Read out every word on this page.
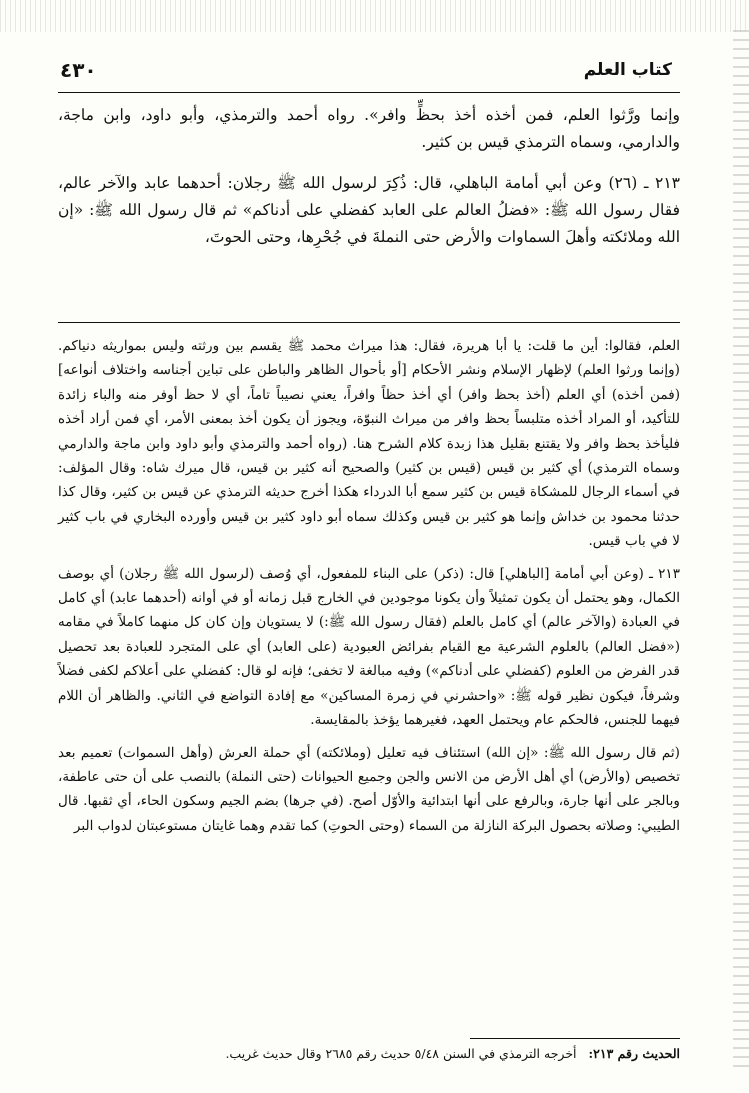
كتاب العلم
٤٣٠

وإنما ورَّثوا العلم، فمن أخذه أخذ بحظٍّ وافر». رواه أحمد والترمذي، وأبو داود، وابن ماجة، والدارمي، وسماه الترمذي قيس بن كثير.

٢١٣ ـ (٢٦) وعن أبي أمامة الباهلي، قال: ذُكِرَ لرسول الله ﷺ رجلان: أحدهما عابد والآخر عالم، فقال رسول الله ﷺ: «فضلُ العالم على العابد كفضلي على أدناكم» ثم قال رسول الله ﷺ: «إن الله وملائكته وأهلَ السماوات والأرض حتى النملةَ في جُحْرِها، وحتى الحوتَ،

العلم، فقالوا: أين ما قلت: يا أبا هريرة، فقال: هذا ميراث محمد ﷺ يقسم بين ورثته وليس بمواريثه دنياكم. (وإنما ورثوا العلم) لإظهار الإسلام ونشر الأحكام [أو بأحوال الظاهر والباطن على تباين أجناسه واختلاف أنواعه] (فمن أخذه) أي العلم (أخذ بحظ وافر) أي أخذ حظاً وافراً، يعني نصيباً تاماً، أي لا حظ أوفر منه والباء زائدة للتأكيد، أو المراد أخذه متلبساً بحظ وافر من ميراث النبوّة، ويجوز أن يكون أخذ بمعنى الأمر، أي فمن أراد أخذه فليأخذ بحظ وافر ولا يقتنع بقليل هذا زبدة كلام الشرح هنا. (رواه أحمد والترمذي وأبو داود وابن ماجة والدارمي وسماه الترمذي) أي كثير بن قيس (قيس بن كثير) والصحيح أنه كثير بن قيس، قال ميرك شاه: وقال المؤلف: في أسماء الرجال للمشكاة قيس بن كثير سمع أبا الدرداء هكذا أخرج حديثه الترمذي عن قيس بن كثير، وقال كذا حدثنا محمود بن خداش وإنما هو كثير بن قيس وكذلك سماه أبو داود كثير بن قيس وأورده البخاري في باب كثير لا في باب قيس.

٢١٣ ـ (وعن أبي أمامة [الباهلي] قال: (ذكر) على البناء للمفعول، أي وُصف (لرسول الله ﷺ رجلان) أي بوصف الكمال، وهو يحتمل أن يكون تمثيلاً وأن يكونا موجودين في الخارج قبل زمانه أو في أوانه (أحدهما عابد) أي كامل في العبادة (والآخر عالم) أي كامل بالعلم (فقال رسول الله ﷺ:) لا يستويان وإن كان كل منهما كاملاً في مقامه («فضل العالم) بالعلوم الشرعية مع القيام بفرائض العبودية (على العابد) أي على المتجرد للعبادة بعد تحصيل قدر الفرض من العلوم (كفضلي على أدناكم») وفيه مبالغة لا تخفى؛ فإنه لو قال: كفضلي على أعلاكم لكفى فضلاً وشرفاً، فيكون نظير قوله ﷺ: «واحشرني في زمرة المساكين» مع إفادة التواضع في الثاني. والظاهر أن اللام فيهما للجنس، فالحكم عام ويحتمل العهد، فغيرهما يؤخذ بالمقايسة.

(ثم قال رسول الله ﷺ: «إن الله) استئناف فيه تعليل (وملائكته) أي حملة العرش (وأهل السموات) تعميم بعد تخصيص (والأرض) أي أهل الأرض من الانس والجن وجميع الحيوانات (حتى النملة) بالنصب على أن حتى عاطفة، وبالجر على أنها جارة، وبالرفع على أنها ابتدائية والأوّل أصح. (في جرها) بضم الجيم وسكون الحاء، أي ثقبها. قال الطيبي: وصلاته بحصول البركة النازلة من السماء (وحتى الحوتِ) كما تقدم وهما غايتان مستوعبتان لدواب البر

الحديث رقم ٢١٣: أخرجه الترمذي في السنن ٥/٤٨ حديث رقم ٢٦٨٥ وقال حديث غريب.
